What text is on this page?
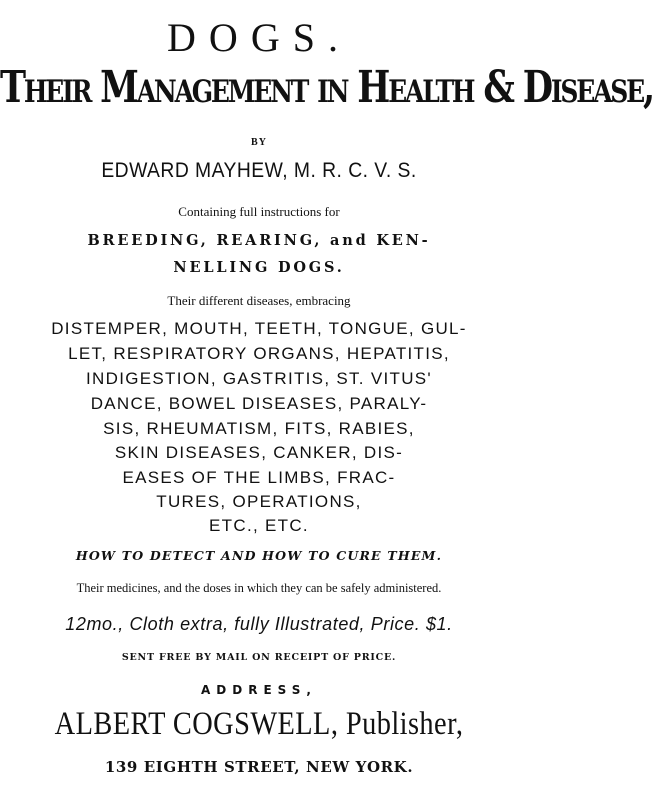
DOGS.
Their Management in Health & Disease,
BY
EDWARD MAYHEW, M. R. C. V. S.
Containing full instructions for
BREEDING, REARING, and KEN-
NELLING DOGS.
Their different diseases, embracing
DISTEMPER, MOUTH, TEETH, TONGUE, GUL-
LET, RESPIRATORY ORGANS, HEPATITIS,
INDIGESTION, GASTRITIS, ST. VITUS'
DANCE, BOWEL DISEASES, PARALY-
SIS, RHEUMATISM, FITS, RABIES,
SKIN DISEASES, CANKER, DIS-
EASES OF THE LIMBS, FRAC-
TURES, OPERATIONS,
ETC., ETC.
HOW TO DETECT AND HOW TO CURE THEM.
Their medicines, and the doses in which they can be safely administered.
12mo., Cloth extra, fully Illustrated, Price. $1.
SENT FREE BY MAIL ON RECEIPT OF PRICE.
ADDRESS,
ALBERT COGSWELL, Publisher,
139 EIGHTH STREET, NEW YORK.
